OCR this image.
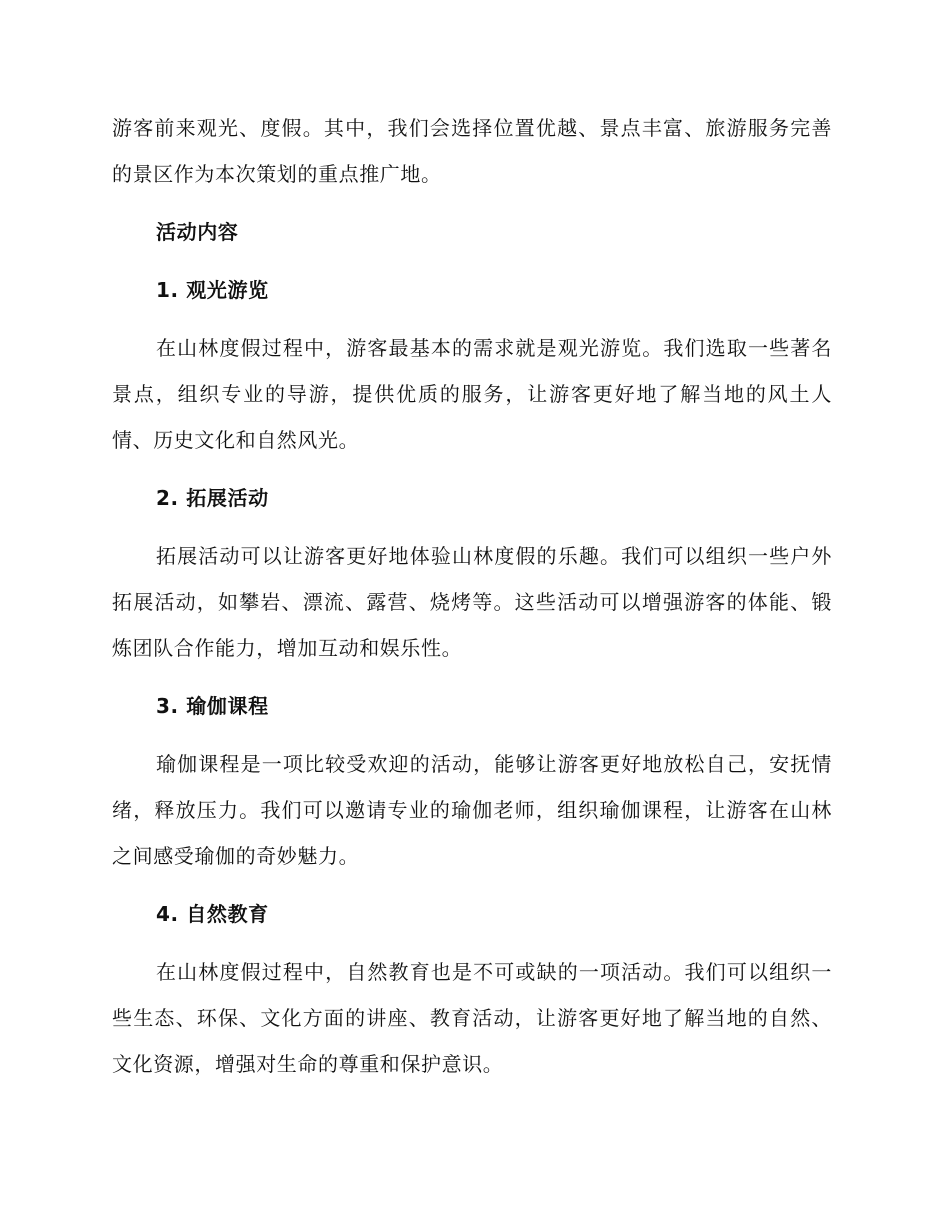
游客前来观光、度假。其中，我们会选择位置优越、景点丰富、旅游服务完善的景区作为本次策划的重点推广地。

活动内容

1. 观光游览

在山林度假过程中，游客最基本的需求就是观光游览。我们选取一些著名景点，组织专业的导游，提供优质的服务，让游客更好地了解当地的风土人情、历史文化和自然风光。

2. 拓展活动

拓展活动可以让游客更好地体验山林度假的乐趣。我们可以组织一些户外拓展活动，如攀岩、漂流、露营、烧烤等。这些活动可以增强游客的体能、锻炼团队合作能力，增加互动和娱乐性。

3. 瑜伽课程

瑜伽课程是一项比较受欢迎的活动，能够让游客更好地放松自己，安抚情绪，释放压力。我们可以邀请专业的瑜伽老师，组织瑜伽课程，让游客在山林之间感受瑜伽的奇妙魅力。

4. 自然教育

在山林度假过程中，自然教育也是不可或缺的一项活动。我们可以组织一些生态、环保、文化方面的讲座、教育活动，让游客更好地了解当地的自然、文化资源，增强对生命的尊重和保护意识。
